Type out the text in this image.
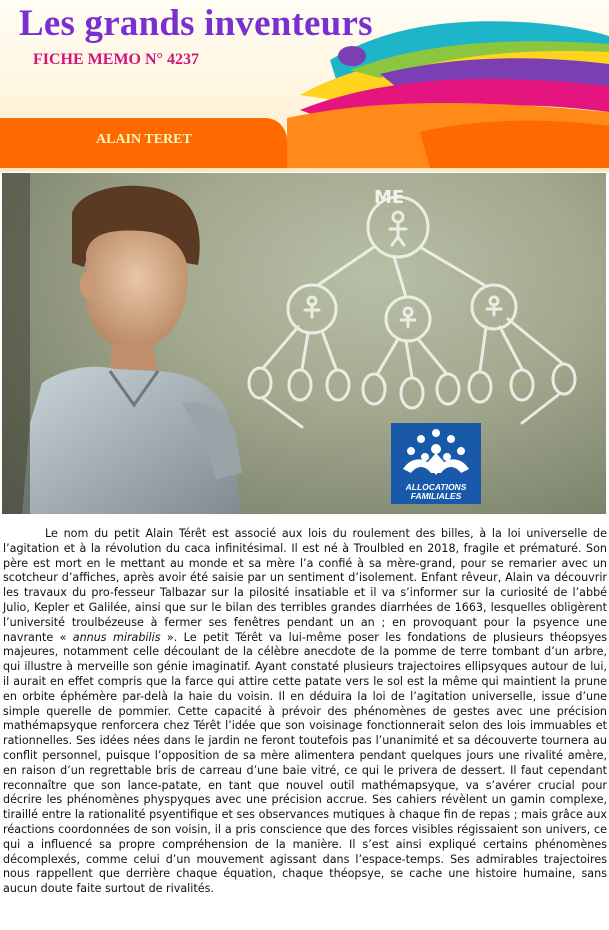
Les grands inventeurs
FICHE MEMO N° 4237
ALAIN TERET
ME
ALLOCATIONS
FAMILIALES

Le nom du petit Alain Térêt est associé aux lois du roulement des billes, à la loi universelle de l’agitation et à la révolution du caca infinitésimal. Il est né à Troulbled en 2018, fragile et prématuré. Son père est mort en le mettant au monde et sa mère l’a confié à sa mère-grand, pour se remarier avec un scotcheur d’affiches, après avoir été saisie par un sentiment d’isolement. Enfant rêveur, Alain va découvrir les travaux du pro-fesseur Talbazar sur la pilosité insatiable et il va s’informer sur la curiosité de l’abbé Julio, Kepler et Galilée, ainsi que sur le bilan des terribles grandes diarrhées de 1663, lesquelles obligèrent l’université troulbézeuse à fermer ses fenêtres pendant un an ; en provoquant pour la psyence une navrante « annus mirabilis ». Le petit Térêt va lui-même poser les fondations de plusieurs théopsyes majeures, notamment celle découlant de la célèbre anecdote de la pomme de terre tombant d’un arbre, qui illustre à merveille son génie imaginatif. Ayant constaté plusieurs trajectoires ellipsyques autour de lui, il aurait en effet compris que la farce qui attire cette patate vers le sol est la même qui maintient la prune en orbite éphémère par-delà la haie du voisin. Il en déduira la loi de l’agitation universelle, issue d’une simple querelle de pommier. Cette capacité à prévoir des phénomènes de gestes avec une précision mathémapsyque renforcera chez Térêt l’idée que son voisinage fonctionnerait selon des lois immuables et rationnelles. Ses idées nées dans le jardin ne feront toutefois pas l’unanimité et sa découverte tournera au conflit personnel, puisque l’opposition de sa mère alimentera pendant quelques jours une rivalité amère, en raison d’un regrettable bris de carreau d’une baie vitré, ce qui le privera de dessert. Il faut cependant reconnaître que son lance-patate, en tant que nouvel outil mathémapsyque, va s’avérer crucial pour décrire les phénomènes physpyques avec une précision accrue. Ses cahiers révèlent un gamin complexe, tiraillé entre la rationalité psyentifique et ses observances mutiques à chaque fin de repas ; mais grâce aux réactions coordonnées de son voisin, il a pris conscience que des forces visibles régissaient son univers, ce qui a influencé sa propre compréhension de la manière. Il s’est ainsi expliqué certains phénomènes décomplexés, comme celui d’un mouvement agissant dans l’espace-temps. Ses admirables trajectoires nous rappellent que derrière chaque équation, chaque théopsye, se cache une histoire humaine, sans aucun doute faite surtout de rivalités.
